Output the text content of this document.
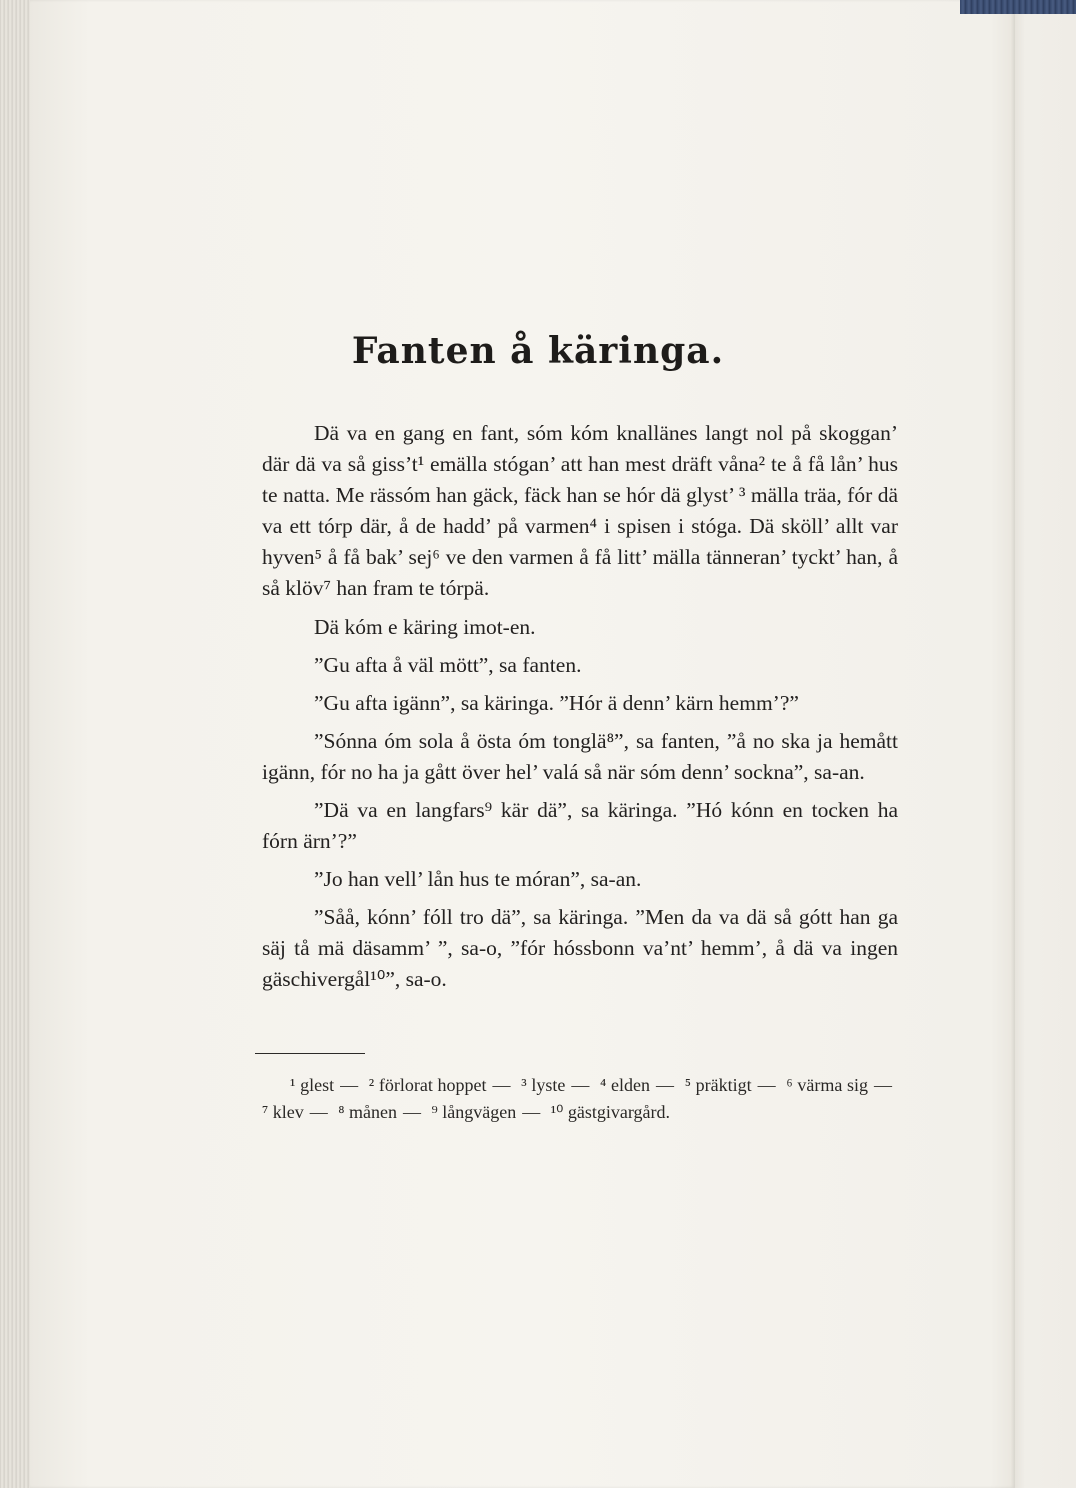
Fanten å käringa.

Dä va en gang en fant, sóm kóm knallänes langt nol på skoggan’ där dä va så giss’t¹ emälla stógan’ att han mest dräft våna² te å få lån’ hus te natta. Me rässóm han gäck, fäck han se hór dä glyst’ ³ mälla träa, fór dä va ett tórp där, å de hadd’ på varmen⁴ i spisen i stóga. Dä sköll’ allt var hyven⁵ å få bak’ sej⁶ ve den varmen å få litt’ mälla tänneran’ tyckt’ han, å så klöv⁷ han fram te tórpä.

Dä kóm e käring imot-en.

”Gu afta å väl mött”, sa fanten.

”Gu afta igänn”, sa käringa. ”Hór ä denn’ kärn hemm’?”

”Sónna óm sola å östa óm tonglä⁸”, sa fanten, ”å no ska ja hemått igänn, fór no ha ja gått över hel’ valá så när sóm denn’ sockna”, sa-an.

”Dä va en langfars⁹ kär dä”, sa käringa. ”Hó kónn en tocken ha fórn ärn’?”

”Jo han vell’ lån hus te móran”, sa-an.

”Såå, kónn’ fóll tro dä”, sa käringa. ”Men da va dä så gótt han ga säj tå mä däsamm’ ”, sa-o, ”fór hóssbonn va’nt’ hemm’, å dä va ingen gäschivergål¹⁰”, sa-o.

¹ glest — ² förlorat hoppet — ³ lyste — ⁴ elden — ⁵ präktigt — ⁶ värma sig — ⁷ klev — ⁸ månen — ⁹ långvägen — ¹⁰ gästgivargård.
